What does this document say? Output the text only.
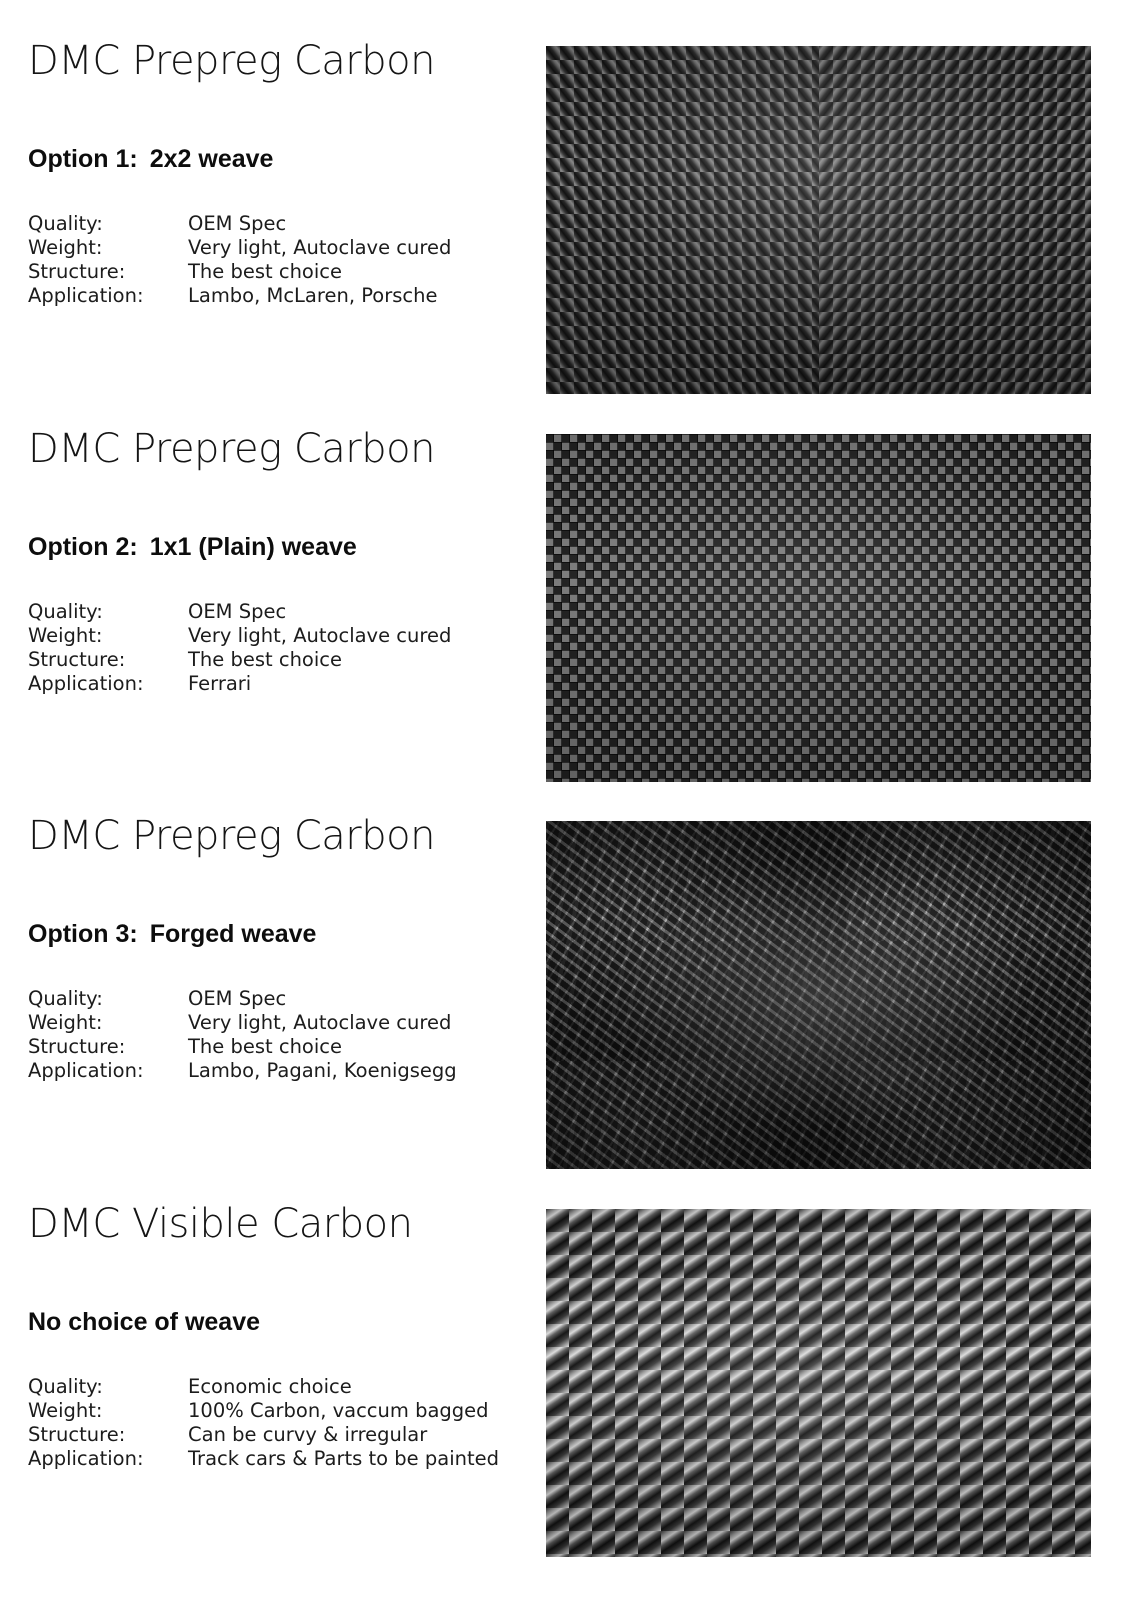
DMC Prepreg Carbon
Option 1: 2x2 weave
Quality:	OEM Spec
Weight:	Very light, Autoclave cured
Structure:	The best choice
Application:	Lambo, McLaren, Porsche
DMC Prepreg Carbon
Option 2: 1x1 (Plain) weave
Quality:	OEM Spec
Weight:	Very light, Autoclave cured
Structure:	The best choice
Application:	Ferrari
DMC Prepreg Carbon
Option 3: Forged weave
Quality:	OEM Spec
Weight:	Very light, Autoclave cured
Structure:	The best choice
Application:	Lambo, Pagani, Koenigsegg
DMC Visible Carbon
No choice of weave
Quality:	Economic choice
Weight:	100% Carbon, vaccum bagged
Structure:	Can be curvy & irregular
Application:	Track cars & Parts to be painted
